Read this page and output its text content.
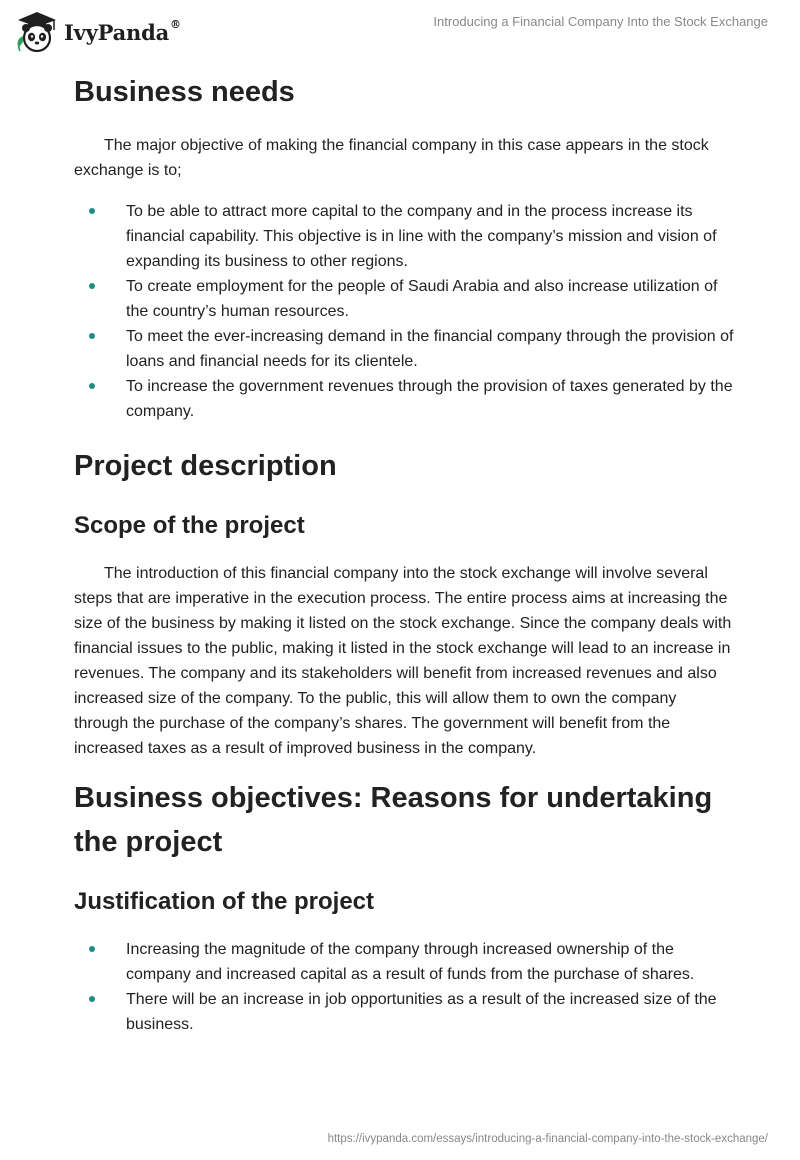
IvyPanda®	Introducing a Financial Company Into the Stock Exchange
Business needs

The major objective of making the financial company in this case appears in the stock exchange is to;

To be able to attract more capital to the company and in the process increase its financial capability. This objective is in line with the company’s mission and vision of expanding its business to other regions.
To create employment for the people of Saudi Arabia and also increase utilization of the country’s human resources.
To meet the ever-increasing demand in the financial company through the provision of loans and financial needs for its clientele.
To increase the government revenues through the provision of taxes generated by the company.
Project description
Scope of the project

The introduction of this financial company into the stock exchange will involve several steps that are imperative in the execution process. The entire process aims at increasing the size of the business by making it listed on the stock exchange. Since the company deals with financial issues to the public, making it listed in the stock exchange will lead to an increase in revenues. The company and its stakeholders will benefit from increased revenues and also increased size of the company. To the public, this will allow them to own the company through the purchase of the company’s shares. The government will benefit from the increased taxes as a result of improved business in the company.

Business objectives: Reasons for undertaking the project
Justification of the project
Increasing the magnitude of the company through increased ownership of the company and increased capital as a result of funds from the purchase of shares.
There will be an increase in job opportunities as a result of the increased size of the business.
https://ivypanda.com/essays/introducing-a-financial-company-into-the-stock-exchange/
